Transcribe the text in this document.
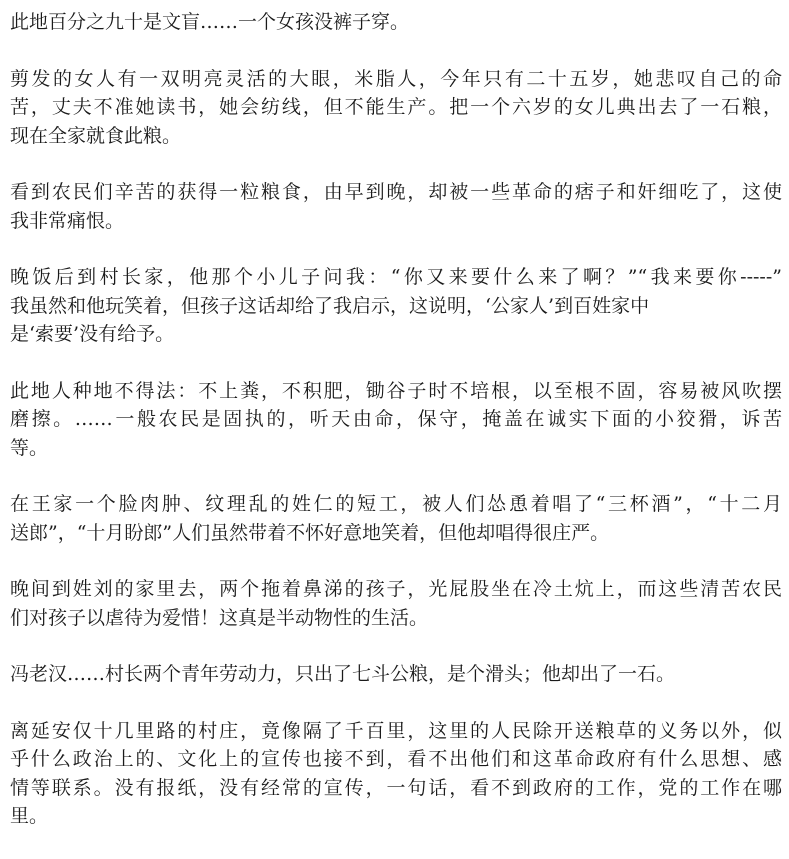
此地百分之九十是文盲……一个女孩没裤子穿。

剪发的女人有一双明亮灵活的大眼，米脂人，今年只有二十五岁，她悲叹自己的命
苦，丈夫不准她读书，她会纺线，但不能生产。把一个六岁的女儿典出去了一石粮，
现在全家就食此粮。

看到农民们辛苦的获得一粒粮食，由早到晚，却被一些革命的痞子和奸细吃了，这使
我非常痛恨。

晚饭后到村长家，他那个小儿子问我：“你又来要什么来了啊？”“我来要你-----”
我虽然和他玩笑着，但孩子这话却给了我启示，这说明，‘公家人’到百姓家中
是‘索要’没有给予。

此地人种地不得法：不上粪，不积肥，锄谷子时不培根，以至根不固，容易被风吹摆
磨擦。……一般农民是固执的，听天由命，保守，掩盖在诚实下面的小狡猾，诉苦
等。

在王家一个脸肉肿、纹理乱的姓仁的短工，被人们怂恿着唱了“三杯酒”，“十二月
送郎”，“十月盼郎”人们虽然带着不怀好意地笑着，但他却唱得很庄严。

晚间到姓刘的家里去，两个拖着鼻涕的孩子，光屁股坐在冷土炕上，而这些清苦农民
们对孩子以虐待为爱惜！这真是半动物性的生活。

冯老汉……村长两个青年劳动力，只出了七斗公粮，是个滑头；他却出了一石。

离延安仅十几里路的村庄，竟像隔了千百里，这里的人民除开送粮草的义务以外，似
乎什么政治上的、文化上的宣传也接不到，看不出他们和这革命政府有什么思想、感
情等联系。没有报纸，没有经常的宣传，一句话，看不到政府的工作，党的工作在哪
里。
